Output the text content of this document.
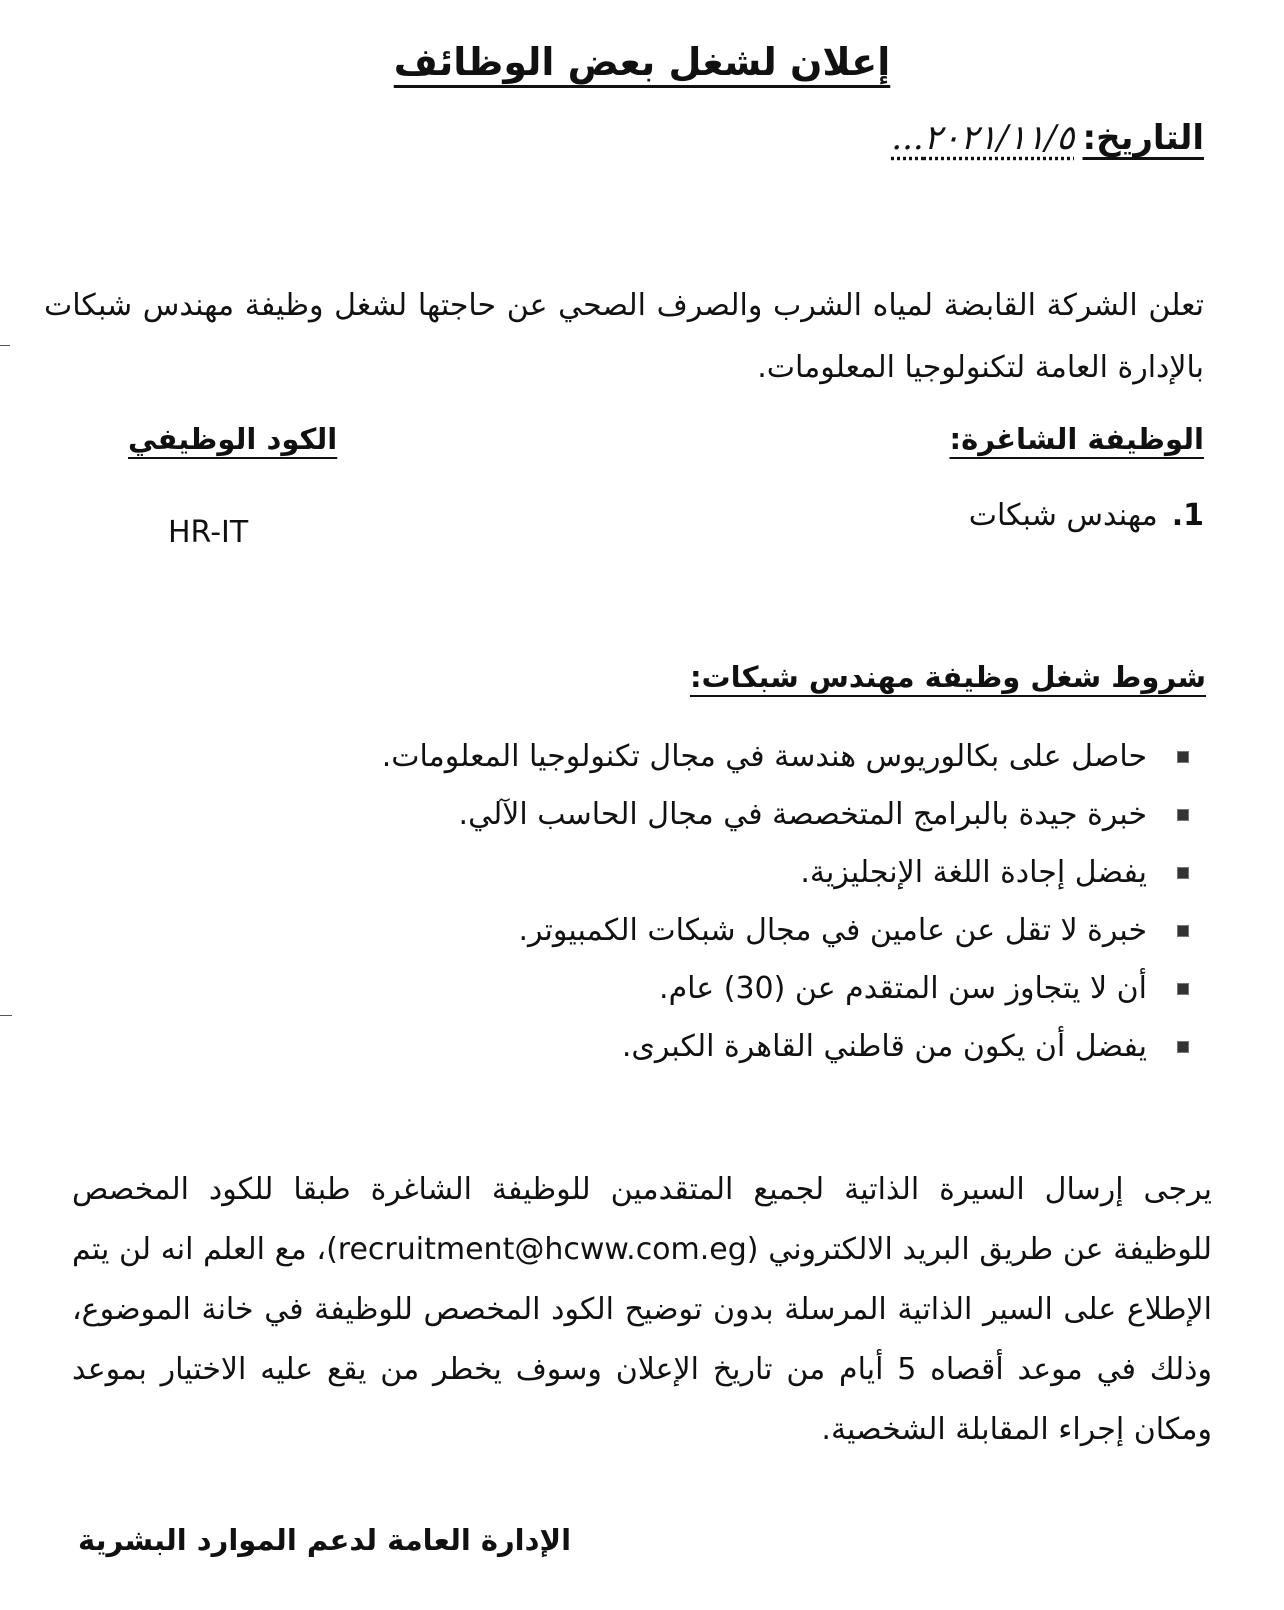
إعلان لشغل بعض الوظائف
التاريخ:...٢٠٢١/١١/٥

تعلن الشركة القابضة لمياه الشرب والصرف الصحي عن حاجتها لشغل وظيفة مهندس شبكات بالإدارة العامة لتكنولوجيا المعلومات.

الوظيفة الشاغرة:
الكود الوظيفي

1.مهندس شبكات

HR-IT

شروط شغل وظيفة مهندس شبكات:
حاصل على بكالوريوس هندسة في مجال تكنولوجيا المعلومات.
خبرة جيدة بالبرامج المتخصصة في مجال الحاسب الآلي.
يفضل إجادة اللغة الإنجليزية.
خبرة لا تقل عن عامين في مجال شبكات الكمبيوتر.
أن لا يتجاوز سن المتقدم عن (30) عام.
يفضل أن يكون من قاطني القاهرة الكبرى.

يرجى إرسال السيرة الذاتية لجميع المتقدمين للوظيفة الشاغرة طبقا للكود المخصص للوظيفة عن طريق البريد الالكتروني (recruitment@hcww.com.eg)، مع العلم انه لن يتم الإطلاع على السير الذاتية المرسلة بدون توضيح الكود المخصص للوظيفة في خانة الموضوع، وذلك في موعد أقصاه 5 أيام من تاريخ الإعلان وسوف يخطر من يقع عليه الاختيار بموعد ومكان إجراء المقابلة الشخصية.

الإدارة العامة لدعم الموارد البشرية
